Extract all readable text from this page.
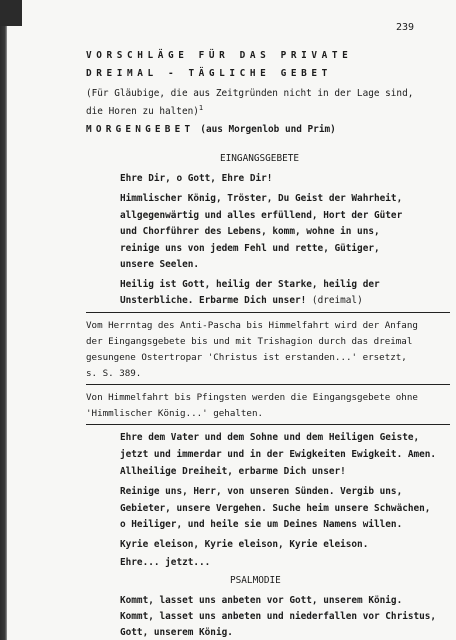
239
VORSCHLÄGE FÜR DAS PRIVATE
DREIMAL - TÄGLICHE GEBET
(Für Gläubige, die aus Zeitgründen nicht in der Lage sind,
die Horen zu halten)$^1$
MORGENGEBET (aus Morgenlob und Prim)
EINGANGSGEBETE
Ehre Dir, o Gott, Ehre Dir!
Himmlischer König, Tröster, Du Geist der Wahrheit,
allgegenwärtig und alles erfüllend, Hort der Güter
und Chorführer des Lebens, komm, wohne in uns,
reinige uns von jedem Fehl und rette, Gütiger,
unsere Seelen.
Heilig ist Gott, heilig der Starke, heilig der
Unsterbliche. Erbarme Dich unser! (dreimal)
Vom Herrntag des Anti-Pascha bis Himmelfahrt wird der Anfang
der Eingangsgebete bis und mit Trishagion durch das dreimal
gesungene Ostertropar 'Christus ist erstanden...' ersetzt,
s. S. 389.
Von Himmelfahrt bis Pfingsten werden die Eingangsgebete ohne
'Himmlischer König...' gehalten.
Ehre dem Vater und dem Sohne und dem Heiligen Geiste,
jetzt und immerdar und in der Ewigkeiten Ewigkeit. Amen.
Allheilige Dreiheit, erbarme Dich unser!
Reinige uns, Herr, von unseren Sünden. Vergib uns,
Gebieter, unsere Vergehen. Suche heim unsere Schwächen,
o Heiliger, und heile sie um Deines Namens willen.
Kyrie eleison, Kyrie eleison, Kyrie eleison.
Ehre... jetzt...
PSALMODIE
Kommt, lasset uns anbeten vor Gott, unserem König.
Kommt, lasset uns anbeten und niederfallen vor Christus,
Gott, unserem König.
